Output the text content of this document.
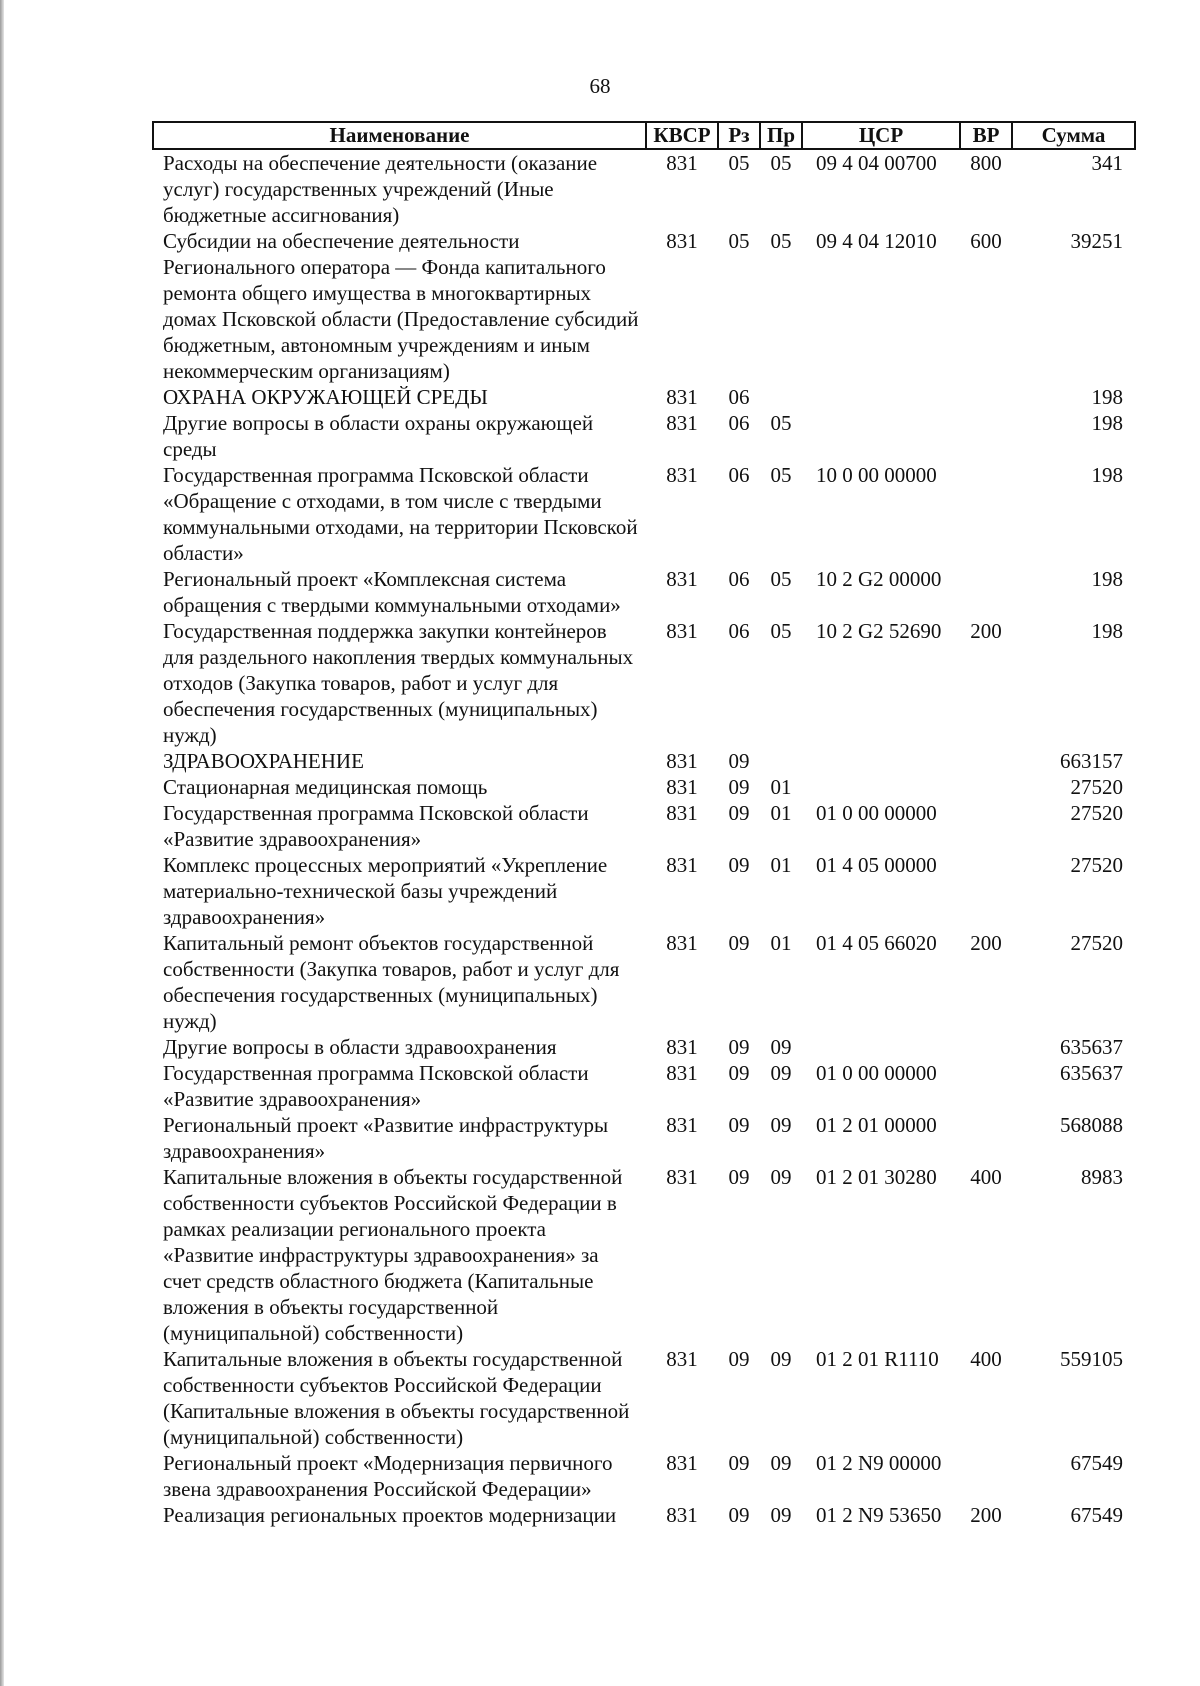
68
Наименование	КВСР	Рз	Пр	ЦСР	ВР	Сумма
Расходы на обеспечение деятельности (оказание услуг) государственных учреждений (Иные бюджетные ассигнования)	831	05	05	09 4 04 00700	800	341
Субсидии на обеспечение деятельности Регионального оператора — Фонда капитального ремонта общего имущества в многоквартирных домах Псковской области (Предоставление субсидий бюджетным, автономным учреждениям и иным некоммерческим организациям)	831	05	05	09 4 04 12010	600	39251
ОХРАНА ОКРУЖАЮЩЕЙ СРЕДЫ	831	06				198
Другие вопросы в области охраны окружающей среды	831	06	05			198
Государственная программа Псковской области «Обращение с отходами, в том числе с твердыми коммунальными отходами, на территории Псковской области»	831	06	05	10 0 00 00000		198
Региональный проект «Комплексная система обращения с твердыми коммунальными отходами»	831	06	05	10 2 G2 00000		198
Государственная поддержка закупки контейнеров для раздельного накопления твердых коммунальных отходов (Закупка товаров, работ и услуг для обеспечения государственных (муниципальных) нужд)	831	06	05	10 2 G2 52690	200	198
ЗДРАВООХРАНЕНИЕ	831	09				663157
Стационарная медицинская помощь	831	09	01			27520
Государственная программа Псковской области «Развитие здравоохранения»	831	09	01	01 0 00 00000		27520
Комплекс процессных мероприятий «Укрепление материально-технической базы учреждений здравоохранения»	831	09	01	01 4 05 00000		27520
Капитальный ремонт объектов государственной собственности (Закупка товаров, работ и услуг для обеспечения государственных (муниципальных) нужд)	831	09	01	01 4 05 66020	200	27520
Другие вопросы в области здравоохранения	831	09	09			635637
Государственная программа Псковской области «Развитие здравоохранения»	831	09	09	01 0 00 00000		635637
Региональный проект «Развитие инфраструктуры здравоохранения»	831	09	09	01 2 01 00000		568088
Капитальные вложения в объекты государственной собственности субъектов Российской Федерации в рамках реализации регионального проекта «Развитие инфраструктуры здравоохранения» за счет средств областного бюджета (Капитальные вложения в объекты государственной (муниципальной) собственности)	831	09	09	01 2 01 30280	400	8983
Капитальные вложения в объекты государственной собственности субъектов Российской Федерации (Капитальные вложения в объекты государственной (муниципальной) собственности)	831	09	09	01 2 01 R1110	400	559105
Региональный проект «Модернизация первичного звена здравоохранения Российской Федерации»	831	09	09	01 2 N9 00000		67549
Реализация региональных проектов модернизации	831	09	09	01 2 N9 53650	200	67549
